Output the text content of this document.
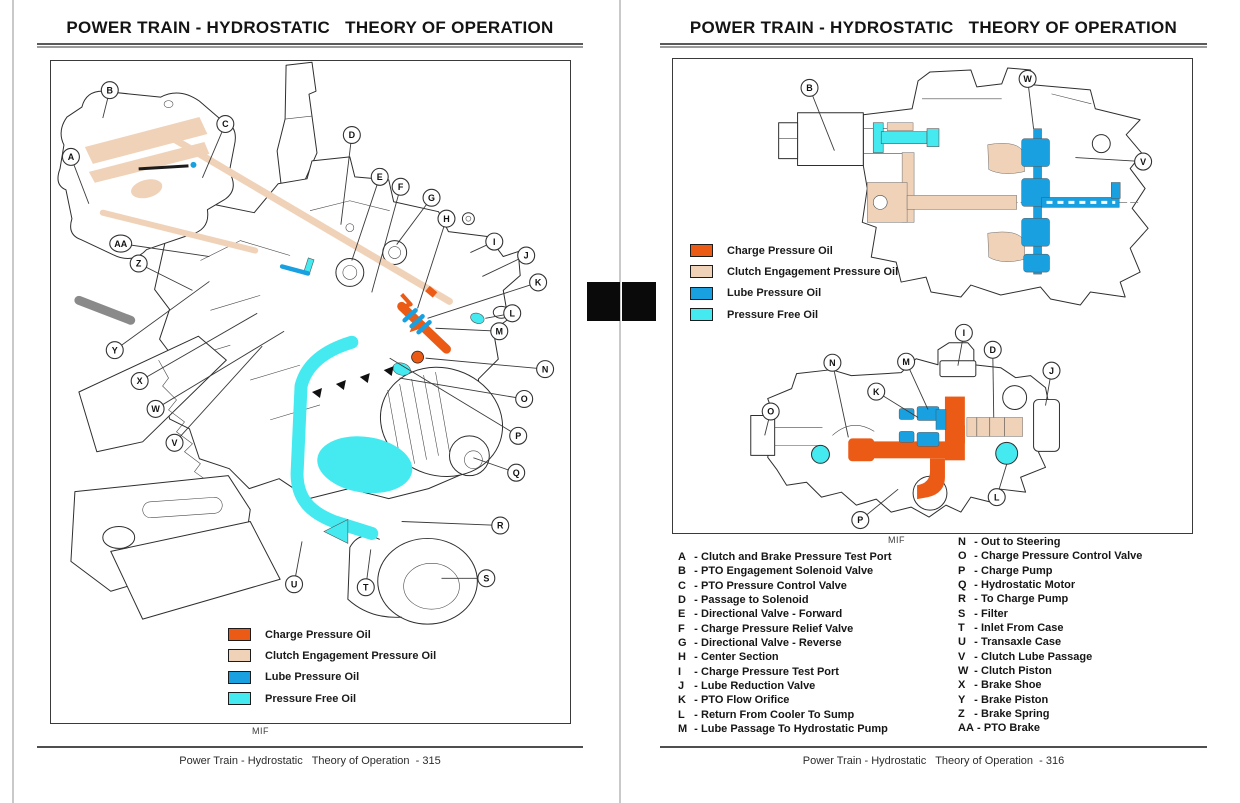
POWER TRAIN - HYDROSTATIC   THEORY OF OPERATION
A
B
C
D
E
F
G
H
I
J
K
L
M
N
O
P
Q
R
S
T
U
V
W
X
Y
Z
AA
Charge Pressure Oil
Clutch Engagement Pressure Oil
Lube Pressure Oil
Pressure Free Oil
MIF
Power Train - Hydrostatic   Theory of Operation  - 315
POWER TRAIN - HYDROSTATIC   THEORY OF OPERATION
B
W
V
I
D
M
J
K
N
O
L
P
Charge Pressure Oil
Clutch Engagement Pressure Oil
Lube Pressure Oil
Pressure Free Oil
MIF
A - Clutch and Brake Pressure Test Port
B - PTO Engagement Solenoid Valve
C - PTO Pressure Control Valve
D - Passage to Solenoid
E - Directional Valve - Forward
F - Charge Pressure Relief Valve
G - Directional Valve - Reverse
H - Center Section
I - Charge Pressure Test Port
J - Lube Reduction Valve
K - PTO Flow Orifice
L - Return From Cooler To Sump
M - Lube Passage To Hydrostatic Pump
N - Out to Steering
O - Charge Pressure Control Valve
P - Charge Pump
Q - Hydrostatic Motor
R - To Charge Pump
S - Filter
T - Inlet From Case
U - Transaxle Case
V - Clutch Lube Passage
W - Clutch Piston
X - Brake Shoe
Y - Brake Piston
Z - Brake Spring
AA - PTO Brake
Power Train - Hydrostatic   Theory of Operation  - 316
